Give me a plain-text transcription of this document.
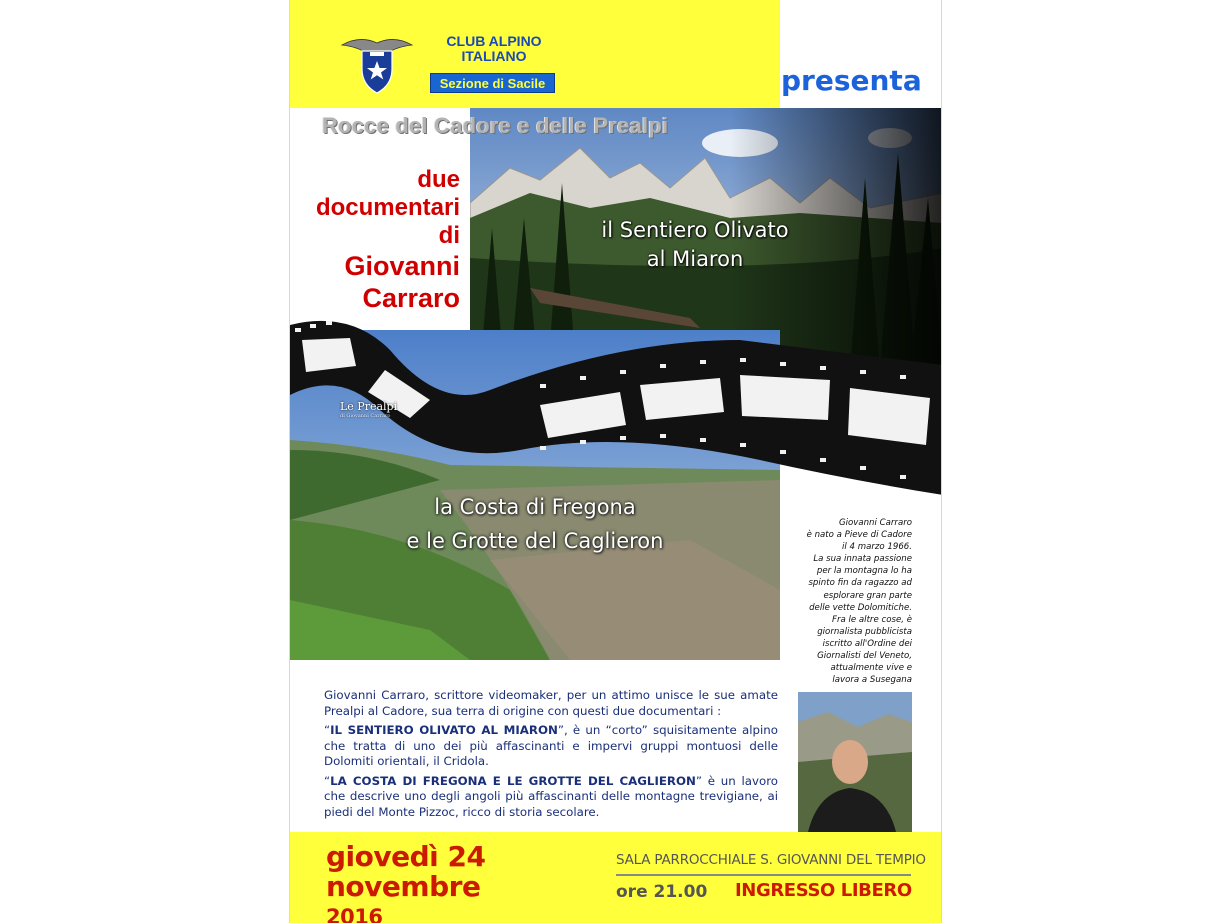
CLUB ALPINO
ITALIANO
Sezione di Sacile	presenta
Rocce del Cadore e delle Prealpi
due
documentari
di
Giovanni
Carraro
il Sentiero Olivato
al Miaron
Le Prealpi
di Giovanni Carraro
la Costa di Fregona
e le Grotte del Caglieron
Giovanni Carraro
è nato a Pieve di Cadore
il 4 marzo 1966.
La sua innata passione
per la montagna lo ha
spinto fin da ragazzo ad
esplorare gran parte
delle vette Dolomitiche.
Fra le altre cose, è
giornalista pubblicista
iscritto all'Ordine dei
Giornalisti del Veneto,
attualmente vive e
lavora a Susegana

Giovanni Carraro, scrittore videomaker, per un attimo unisce le sue amate Prealpi al Cadore, sua terra di origine con questi due documentari :

“IL SENTIERO OLIVATO AL MIARON”, è un “corto” squisitamente alpino che tratta di uno dei più affascinanti e impervi gruppi montuosi delle Dolomiti orientali, il Cridola.

“LA COSTA DI FREGONA E LE GROTTE DEL CAGLIERON” è un lavoro che descrive uno degli angoli più affascinanti delle montagne trevigiane, ai piedi del Monte Pizzoc, ricco di storia secolare.

giovedì 24
novembre
2016
SALA PARROCCHIALE S. GIOVANNI DEL TEMPIO
ore 21.00 INGRESSO LIBERO
